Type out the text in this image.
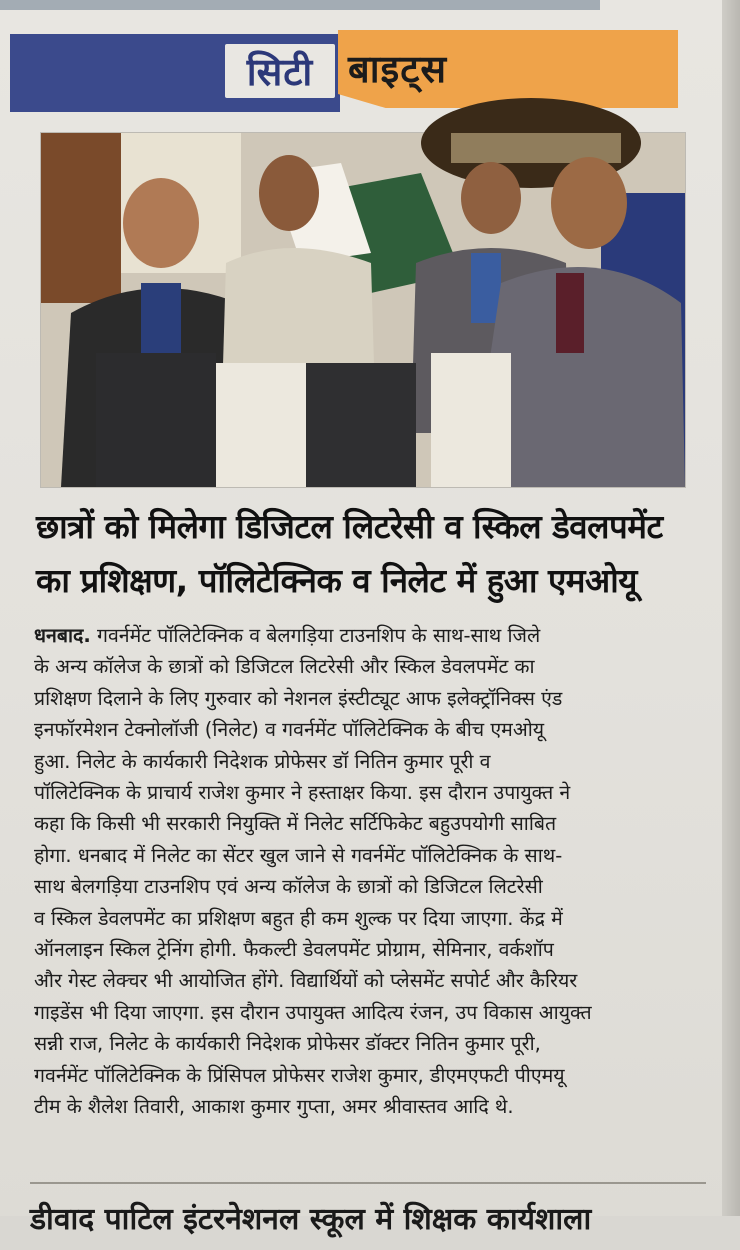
सिटी बाइट्स
छात्रों को मिलेगा डिजिटल लिटरेसी व स्किल डेवलपमेंट
का प्रशिक्षण, पॉलिटेक्निक व निलेट में हुआ एमओयू
धनबाद. गवर्नमेंट पॉलिटेक्निक व बेलगड़िया टाउनशिप के साथ-साथ जिले
के अन्य कॉलेज के छात्रों को डिजिटल लिटरेसी और स्किल डेवलपमेंट का
प्रशिक्षण दिलाने के लिए गुरुवार को नेशनल इंस्टीट्यूट आफ इलेक्ट्रॉनिक्स एंड
इनफॉरमेशन टेक्नोलॉजी (निलेट) व गवर्नमेंट पॉलिटेक्निक के बीच एमओयू
हुआ. निलेट के कार्यकारी निदेशक प्रोफेसर डॉ नितिन कुमार पूरी व
पॉलिटेक्निक के प्राचार्य राजेश कुमार ने हस्ताक्षर किया. इस दौरान उपायुक्त ने
कहा कि किसी भी सरकारी नियुक्ति में निलेट सर्टिफिकेट बहुउपयोगी साबित
होगा. धनबाद में निलेट का सेंटर खुल जाने से गवर्नमेंट पॉलिटेक्निक के साथ-
साथ बेलगड़िया टाउनशिप एवं अन्य कॉलेज के छात्रों को डिजिटल लिटरेसी
व स्किल डेवलपमेंट का प्रशिक्षण बहुत ही कम शुल्क पर दिया जाएगा. केंद्र में
ऑनलाइन स्किल ट्रेनिंग होगी. फैकल्टी डेवलपमेंट प्रोग्राम, सेमिनार, वर्कशॉप
और गेस्ट लेक्चर भी आयोजित होंगे. विद्यार्थियों को प्लेसमेंट सपोर्ट और कैरियर
गाइडेंस भी दिया जाएगा. इस दौरान उपायुक्त आदित्य रंजन, उप विकास आयुक्त
सन्नी राज, निलेट के कार्यकारी निदेशक प्रोफेसर डॉक्टर नितिन कुमार पूरी,
गवर्नमेंट पॉलिटेक्निक के प्रिंसिपल प्रोफेसर राजेश कुमार, डीएमएफटी पीएमयू
टीम के शैलेश तिवारी, आकाश कुमार गुप्ता, अमर श्रीवास्तव आदि थे.
डीवाद पाटिल इंटरनेशनल स्कूल में शिक्षक कार्यशाला
